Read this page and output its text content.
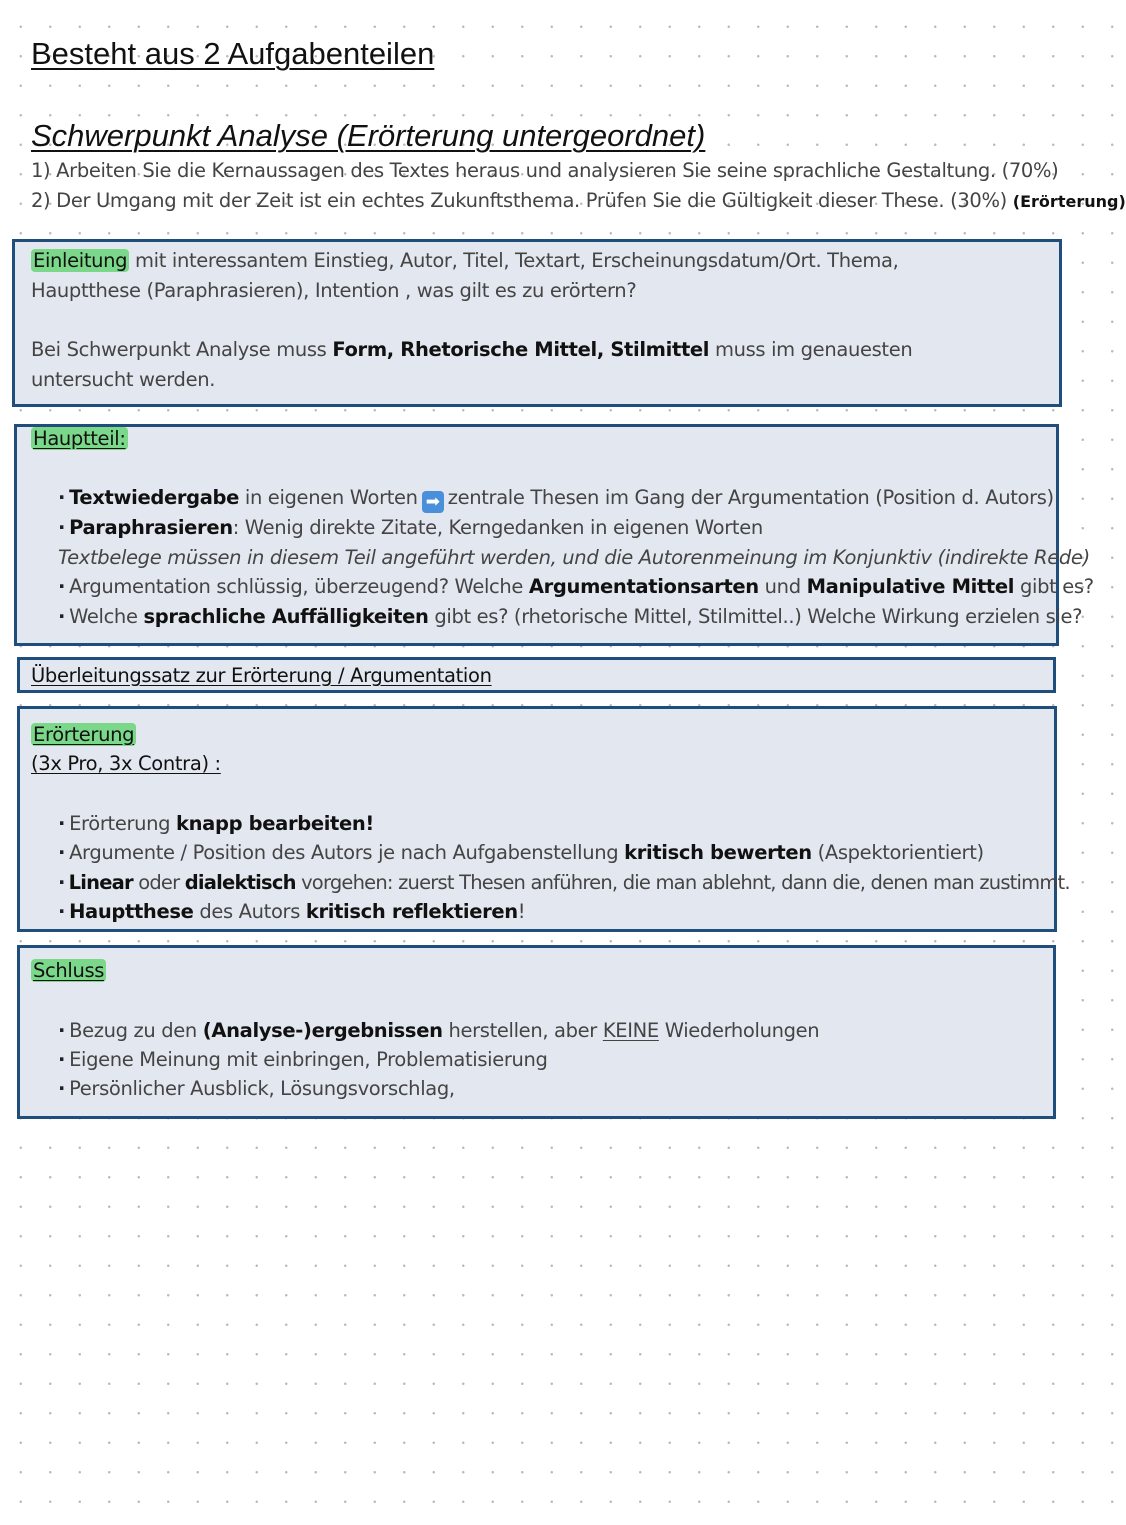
Besteht aus 2 Aufgabenteilen
Schwerpunkt Analyse (Erörterung untergeordnet)
1) Arbeiten Sie die Kernaussagen des Textes heraus und analysieren Sie seine sprachliche Gestaltung. (70%)
2) Der Umgang mit der Zeit ist ein echtes Zukunftsthema. Prüfen Sie die Gültigkeit dieser These. (30%) (Erörterung)
Einleitung mit interessantem Einstieg, Autor, Titel, Textart, Erscheinungsdatum/Ort. Thema,
Hauptthese (Paraphrasieren), Intention , was gilt es zu erörtern?
Bei Schwerpunkt Analyse muss Form, Rhetorische Mittel, Stilmittel muss im genauesten
untersucht werden.
Hauptteil:
· Textwiedergabe in eigenen Worten ➡ zentrale Thesen im Gang der Argumentation (Position d. Autors)
· Paraphrasieren: Wenig direkte Zitate, Kerngedanken in eigenen Worten
Textbelege müssen in diesem Teil angeführt werden, und die Autorenmeinung im Konjunktiv (indirekte Rede)
· Argumentation schlüssig, überzeugend? Welche Argumentationsarten und Manipulative Mittel gibt es?
· Welche sprachliche Auffälligkeiten gibt es? (rhetorische Mittel, Stilmittel..) Welche Wirkung erzielen sie?
Überleitungssatz zur Erörterung / Argumentation
Erörterung
(3x Pro, 3x Contra) :
· Erörterung knapp bearbeiten!
· Argumente / Position des Autors je nach Aufgabenstellung kritisch bewerten (Aspektorientiert)
· Linear oder dialektisch vorgehen: zuerst Thesen anführen, die man ablehnt, dann die, denen man zustimmt.
· Hauptthese des Autors kritisch reflektieren!
Schluss
· Bezug zu den (Analyse-)ergebnissen herstellen, aber KEINE Wiederholungen
· Eigene Meinung mit einbringen, Problematisierung
· Persönlicher Ausblick, Lösungsvorschlag,
